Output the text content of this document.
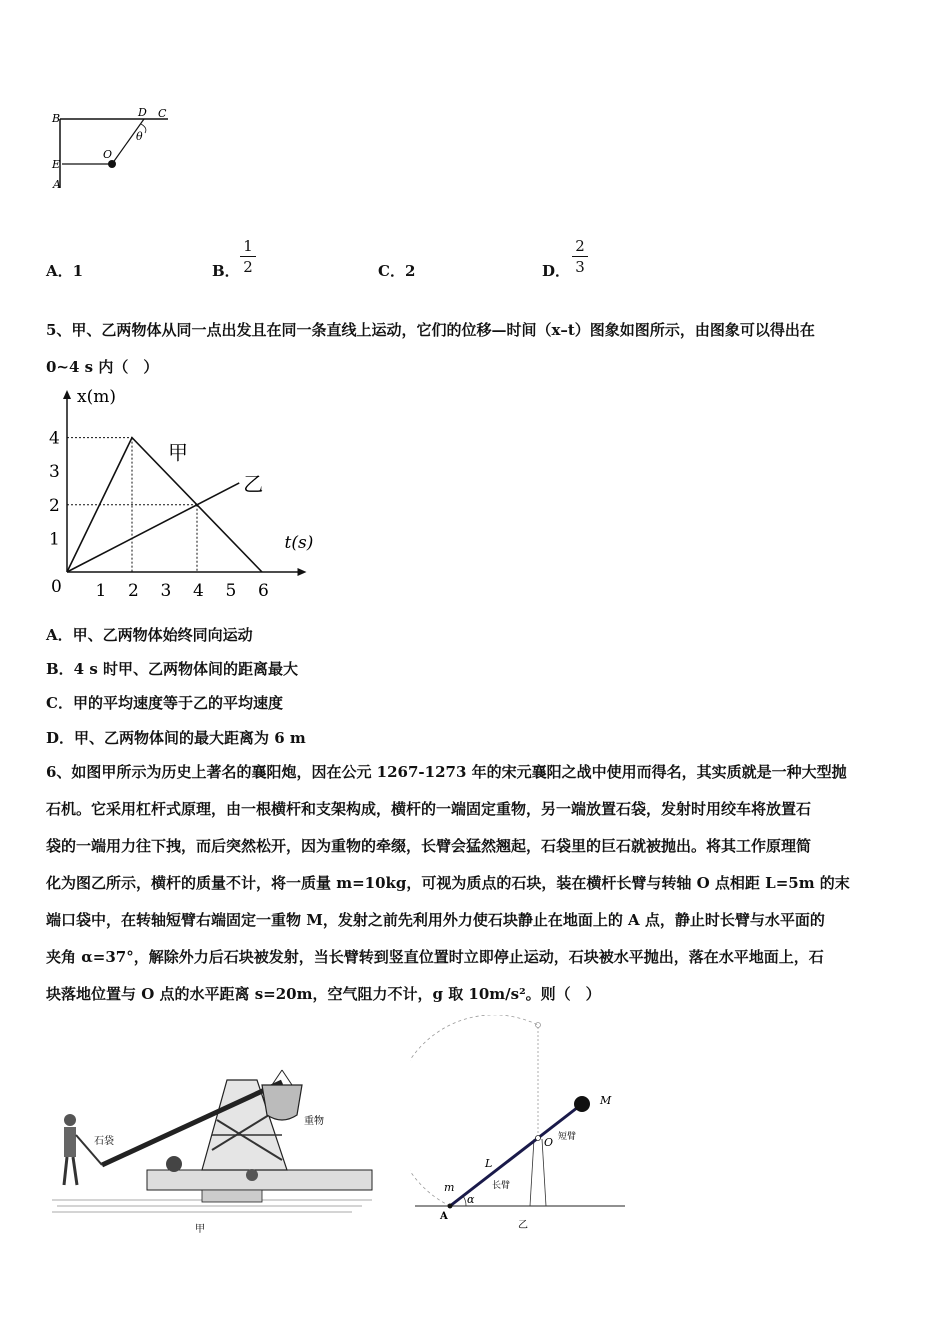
B	D C
θ
O
E
A
A．1	B．
1
2	C．2	D．
2
3
5、甲、乙两物体从同一点出发且在同一条直线上运动，它们的位移—时间（x–t）图象如图所示，由图象可以得出在
0~4 s 内（　）
1 2 3 4 5 6
1
2
3
4
0
x(m)
t(s)
甲
乙
A．甲、乙两物体始终同向运动
B．4 s 时甲、乙两物体间的距离最大
C．甲的平均速度等于乙的平均速度
D．甲、乙两物体间的最大距离为 6 m
6、如图甲所示为历史上著名的襄阳炮，因在公元 1267-1273 年的宋元襄阳之战中使用而得名，其实质就是一种大型抛
石机。它采用杠杆式原理，由一根横杆和支架构成，横杆的一端固定重物，另一端放置石袋，发射时用绞车将放置石
袋的一端用力往下拽，而后突然松开，因为重物的牵缀，长臂会猛然翘起，石袋里的巨石就被抛出。将其工作原理简
化为图乙所示，横杆的质量不计，将一质量 m=10kg，可视为质点的石块，装在横杆长臂与转轴 O 点相距 L=5m 的末
端口袋中，在转轴短臂右端固定一重物 M，发射之前先利用外力使石块静止在地面上的 A 点，静止时长臂与水平面的
夹角 α=37°，解除外力后石块被发射，当长臂转到竖直位置时立即停止运动，石块被水平抛出，落在水平地面上，石
块落地位置与 O 点的水平距离 s=20m，空气阻力不计，g 取 10m/s²。则（　）
石袋
重物
甲
M
O 短臂
L
长臂
m
α
A
乙
